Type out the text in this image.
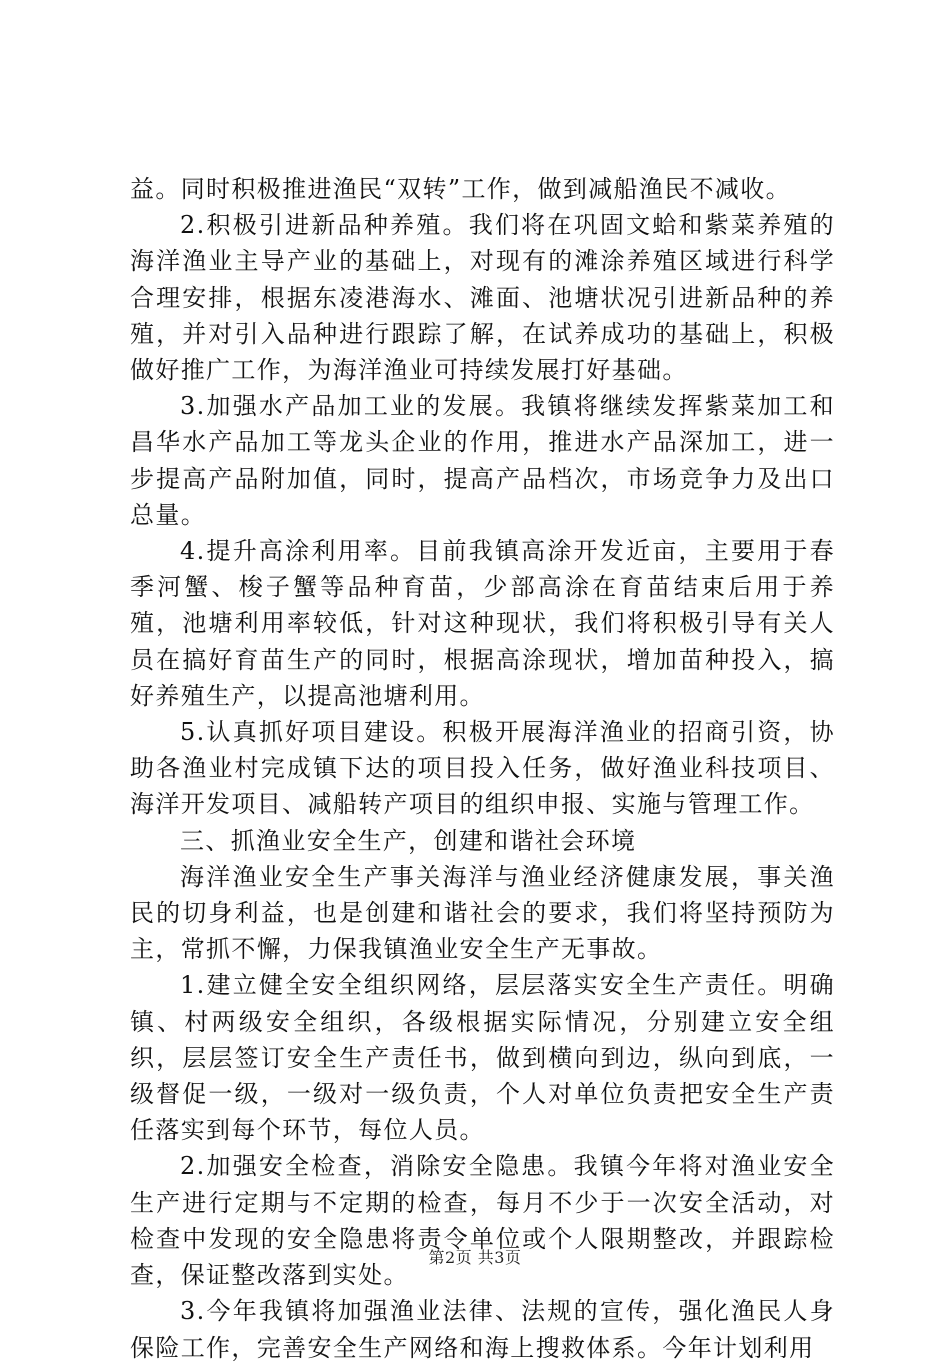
益。同时积极推进渔民“双转”工作，做到减船渔民不减收。

2.积极引进新品种养殖。我们将在巩固文蛤和紫菜养殖的海洋渔业主导产业的基础上，对现有的滩涂养殖区域进行科学合理安排，根据东凌港海水、滩面、池塘状况引进新品种的养殖，并对引入品种进行跟踪了解，在试养成功的基础上，积极做好推广工作，为海洋渔业可持续发展打好基础。

3.加强水产品加工业的发展。我镇将继续发挥紫菜加工和昌华水产品加工等龙头企业的作用，推进水产品深加工，进一步提高产品附加值，同时，提高产品档次，市场竞争力及出口总量。

4.提升高涂利用率。目前我镇高涂开发近亩，主要用于春季河蟹、梭子蟹等品种育苗，少部高涂在育苗结束后用于养殖，池塘利用率较低，针对这种现状，我们将积极引导有关人员在搞好育苗生产的同时，根据高涂现状，增加苗种投入，搞好养殖生产，以提高池塘利用。

5.认真抓好项目建设。积极开展海洋渔业的招商引资，协助各渔业村完成镇下达的项目投入任务，做好渔业科技项目、海洋开发项目、减船转产项目的组织申报、实施与管理工作。

三、抓渔业安全生产，创建和谐社会环境

海洋渔业安全生产事关海洋与渔业经济健康发展，事关渔民的切身利益，也是创建和谐社会的要求，我们将坚持预防为主，常抓不懈，力保我镇渔业安全生产无事故。

1.建立健全安全组织网络，层层落实安全生产责任。明确镇、村两级安全组织，各级根据实际情况，分别建立安全组织，层层签订安全生产责任书，做到横向到边，纵向到底，一级督促一级，一级对一级负责，个人对单位负责把安全生产责任落实到每个环节，每位人员。

2.加强安全检查，消除安全隐患。我镇今年将对渔业安全生产进行定期与不定期的检查，每月不少于一次安全活动，对检查中发现的安全隐患将责令单位或个人限期整改，并跟踪检查，保证整改落到实处。

3.今年我镇将加强渔业法律、法规的宣传，强化渔民人身保险工作，完善安全生产网络和海上搜救体系。今年计划利用

第2页 共3页
